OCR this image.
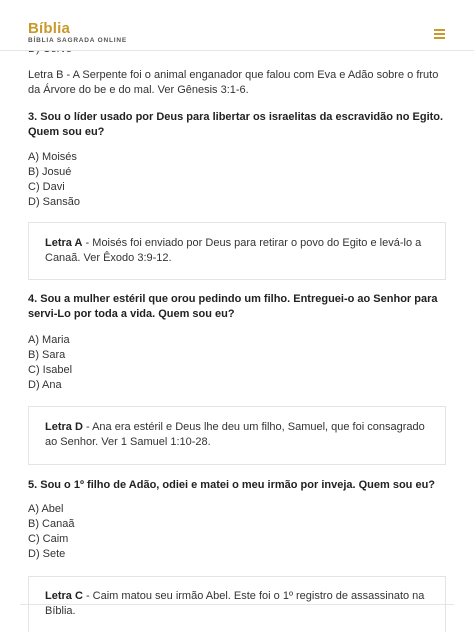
Bíblia
BÍBLIA SAGRADA ONLINE

Letra B - A Serpente foi o animal enganador que falou com Eva e Adão sobre o fruto da Árvore do be e do mal. Ver Gênesis 3:1-6.

3. Sou o líder usado por Deus para libertar os israelitas da escravidão no Egito. Quem sou eu?

A) Moisés
B) Josué
C) Davi
D) Sansão
Letra A - Moisés foi enviado por Deus para retirar o povo do Egito e levá-lo a Canaã. Ver Êxodo 3:9-12.

4. Sou a mulher estéril que orou pedindo um filho. Entreguei-o ao Senhor para servi-Lo por toda a vida. Quem sou eu?

A) Maria
B) Sara
C) Isabel
D) Ana
Letra D - Ana era estéril e Deus lhe deu um filho, Samuel, que foi consagrado ao Senhor. Ver 1 Samuel 1:10-28.

5. Sou o 1º filho de Adão, odiei e matei o meu irmão por inveja. Quem sou eu?

A) Abel
B) Canaã
C) Caim
D) Sete
Letra C - Caim matou seu irmão Abel. Este foi o 1º registro de assassinato na Bíblia.
